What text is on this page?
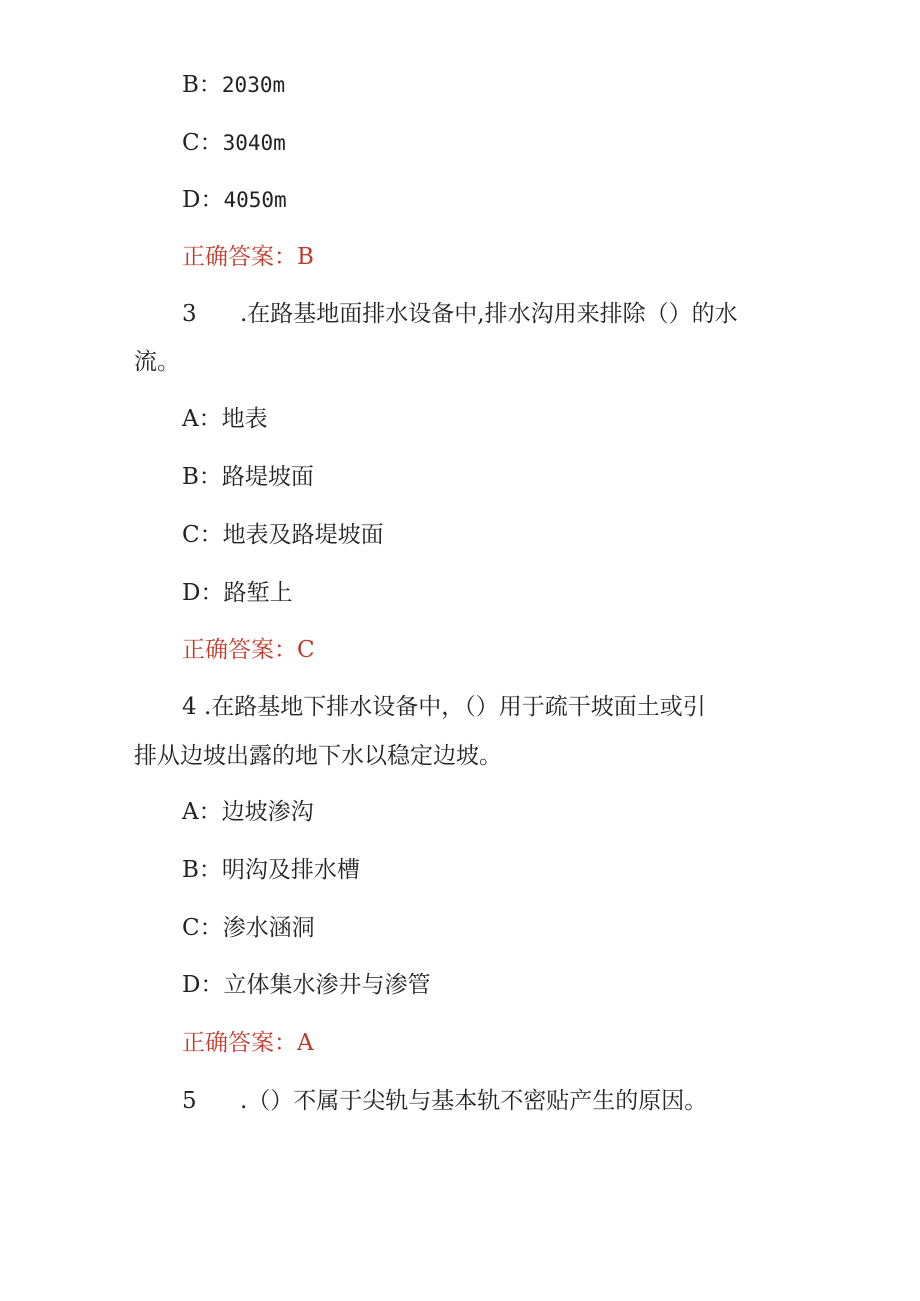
B：2030m
C：3040m
D：4050m
正确答案：B
3 .在路基地面排水设备中,排水沟用来排除（）的水
流。
A：地表
B：路堤坡面
C：地表及路堤坡面
D：路堑上
正确答案：C
4 .在路基地下排水设备中，（）用于疏干坡面土或引
排从边坡出露的地下水以稳定边坡。
A：边坡渗沟
B：明沟及排水槽
C：渗水涵洞
D：立体集水渗井与渗管
正确答案：A
5 .（）不属于尖轨与基本轨不密贴产生的原因。
